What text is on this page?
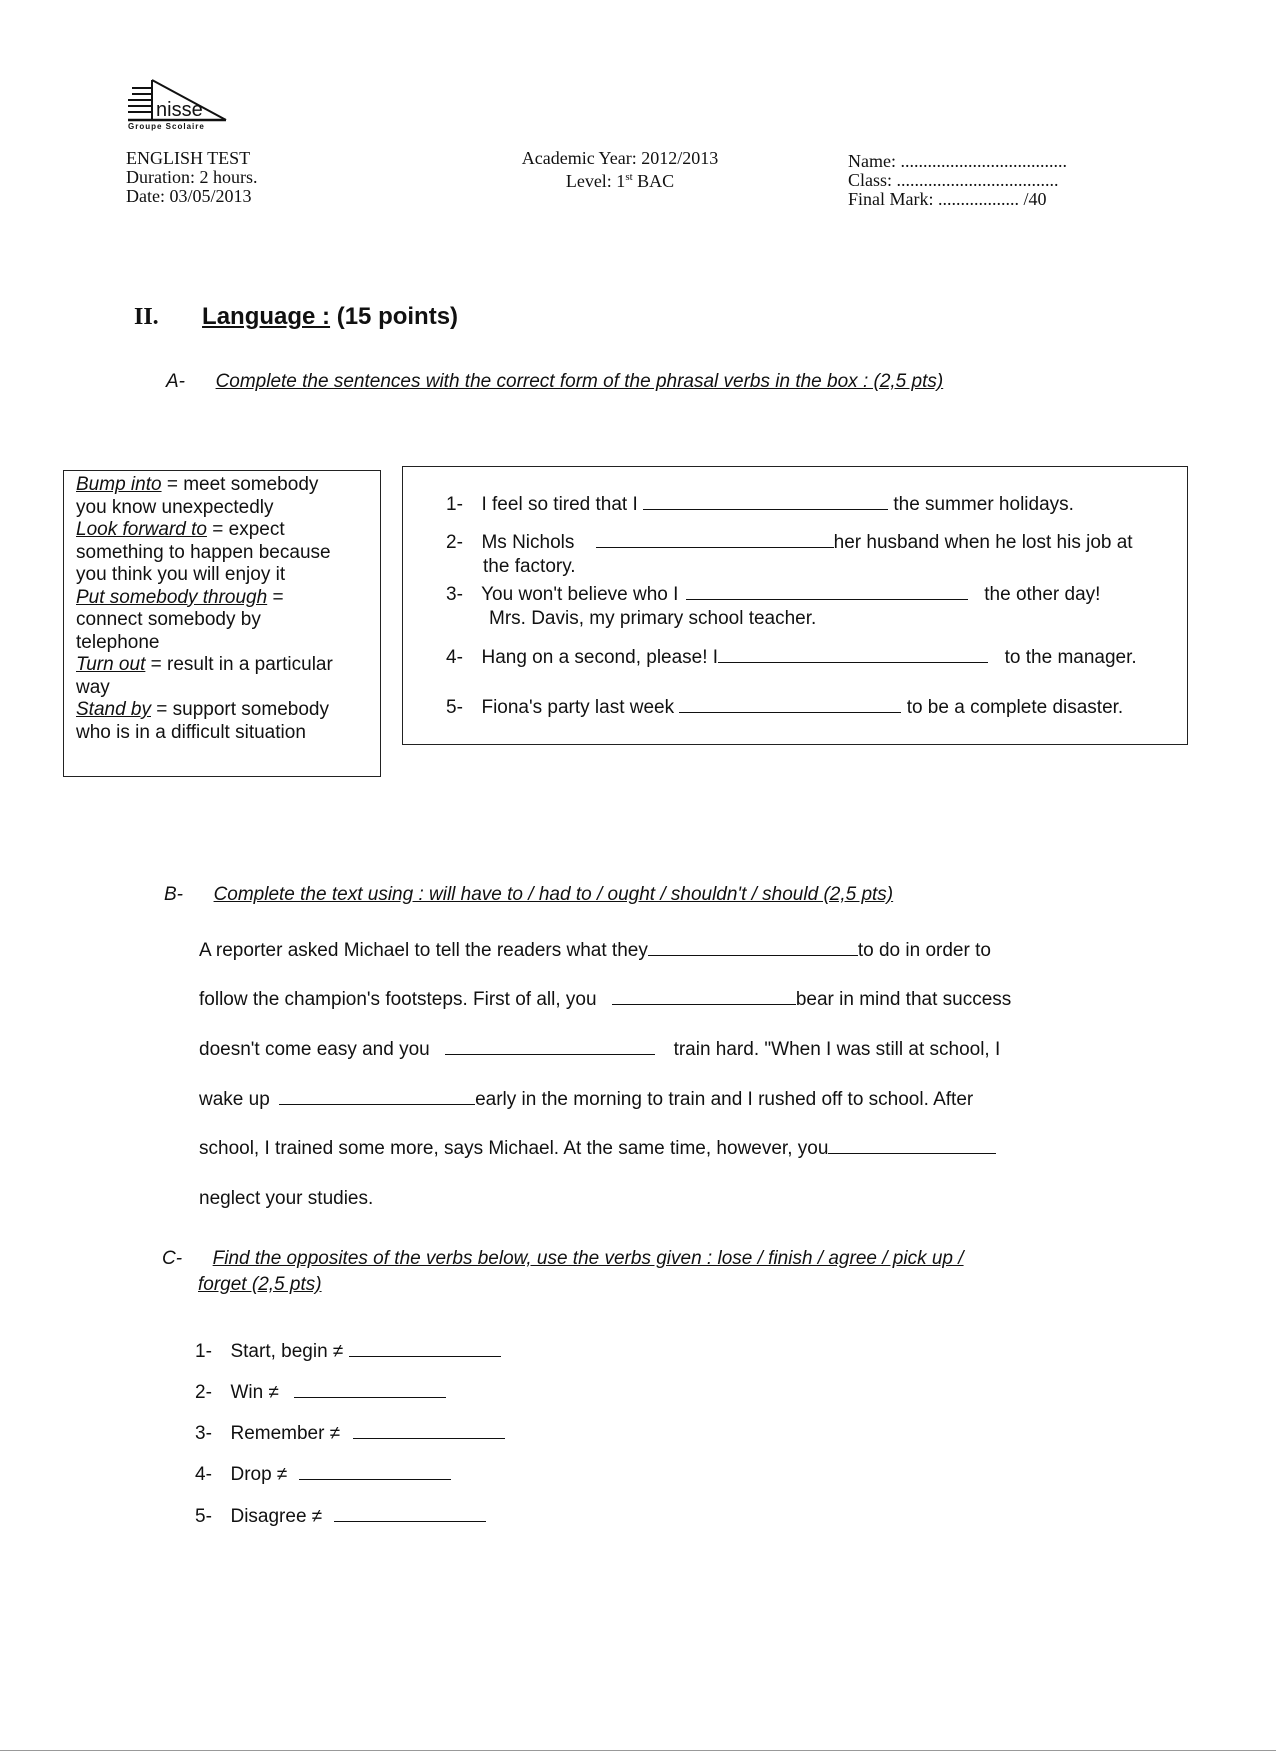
nisse
Groupe Scolaire
ENGLISH TEST
Duration: 2 hours.
Date: 03/05/2013
Academic Year: 2012/2013
Level: 1st BAC
Name: .....................................
Class: ....................................
Final Mark: .................. /40
II. Language : (15 points)
A- Complete the sentences with the correct form of the phrasal verbs in the box : (2,5 pts)
Bump into = meet somebody
you know unexpectedly
Look forward to = expect
something to happen because
you think you will enjoy it
Put somebody through =
connect somebody by
telephone
Turn out = result in a particular
way
Stand by = support somebody
who is in a difficult situation
1- I feel so tired that I	the summer holidays.
2- Ms Nichols	her husband when he lost his job at
the factory.
3- You won't believe who I	the other day!
Mrs. Davis, my primary school teacher.
4- Hang on a second, please! I	to the manager.
5- Fiona's party last week	to be a complete disaster.
B- Complete the text using : will have to / had to / ought / shouldn't / should (2,5 pts)
A reporter asked Michael to tell the readers what they	to do in order to
follow the champion's footsteps. First of all, you	bear in mind that success
doesn't come easy and you	train hard. "When I was still at school, I
wake up	early in the morning to train and I rushed off to school. After
school, I trained some more, says Michael. At the same time, however, you
neglect your studies.
C- Find the opposites of the verbs below, use the verbs given : lose / finish / agree / pick up /
forget (2,5 pts)
1- Start, begin ≠
2- Win ≠
3- Remember ≠
4- Drop ≠
5- Disagree ≠
